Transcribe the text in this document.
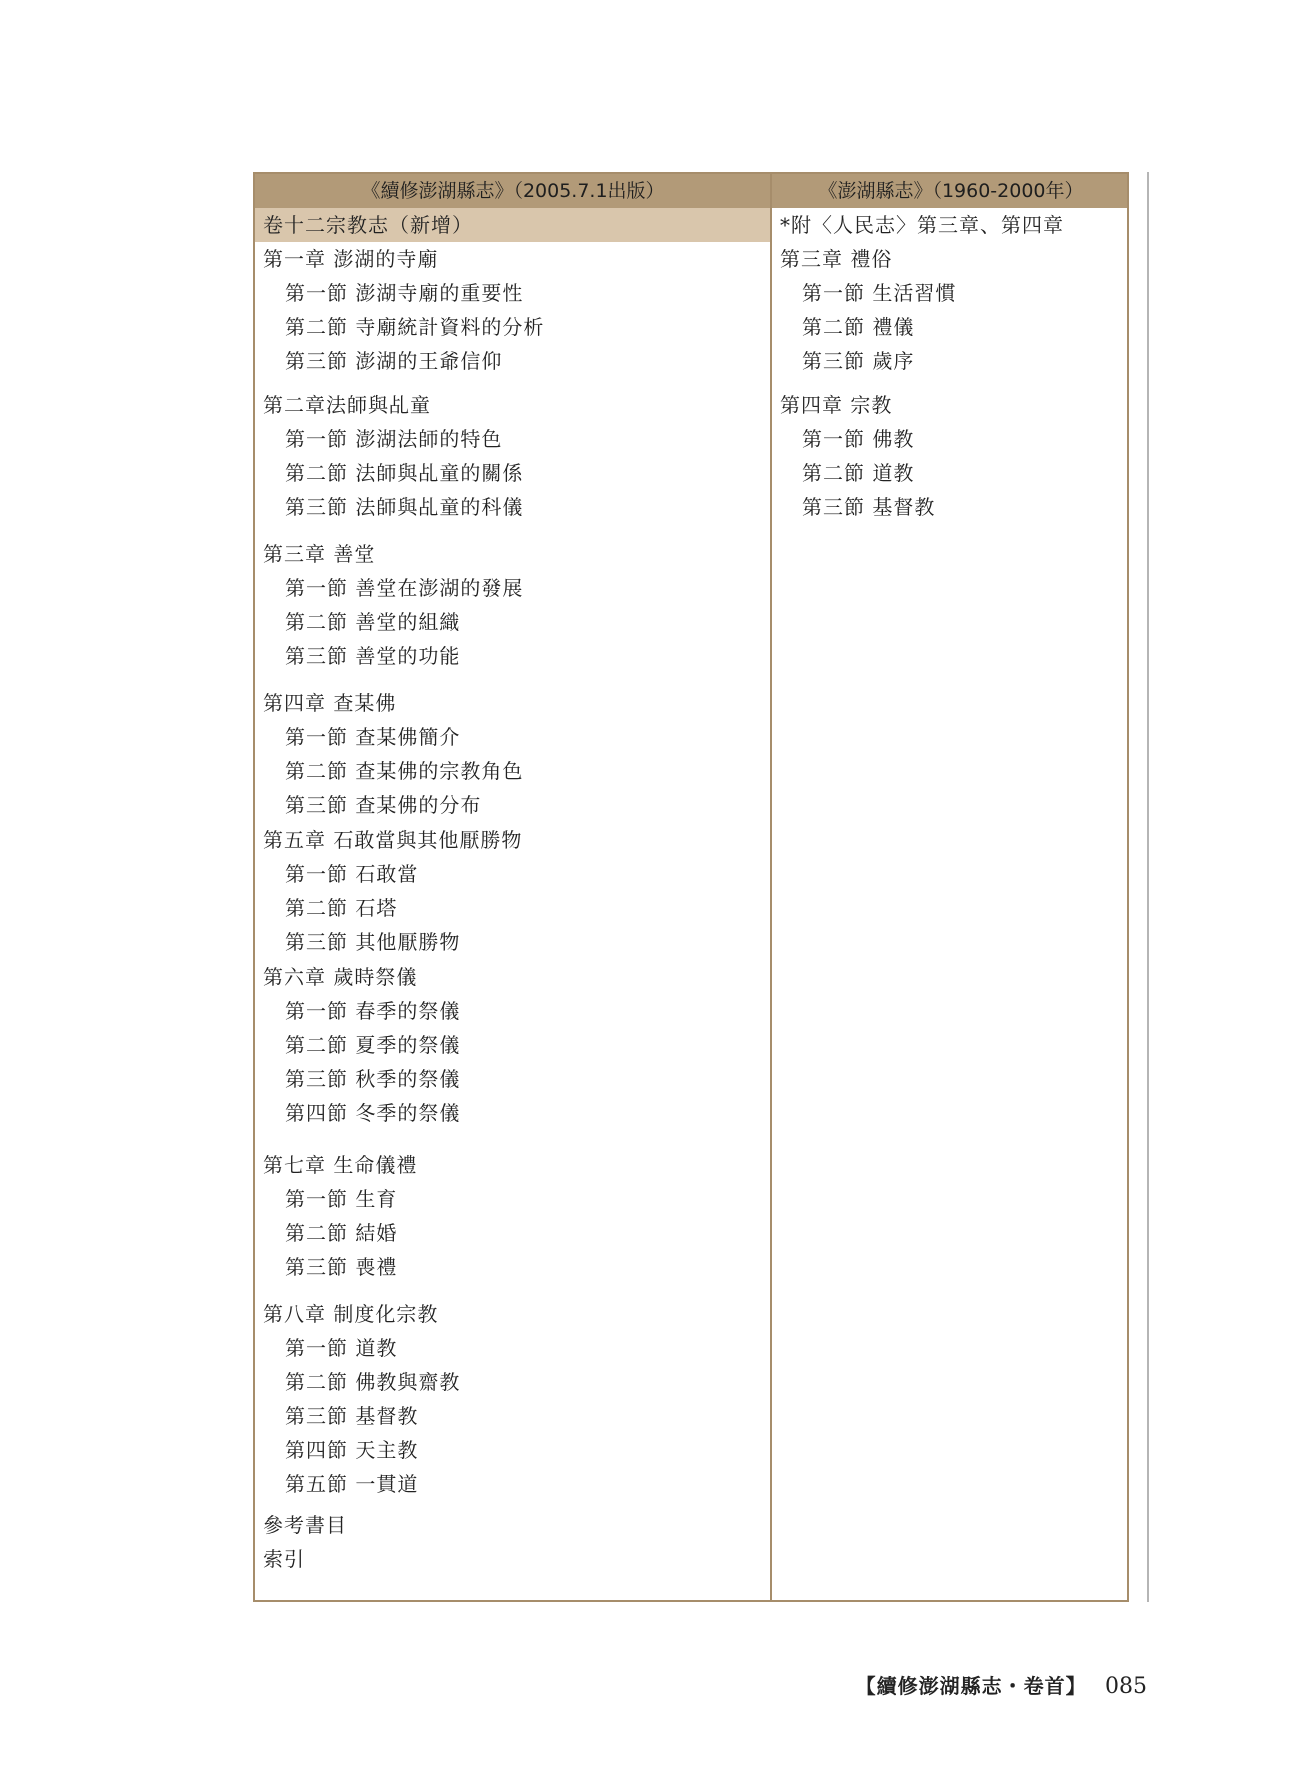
《續修澎湖縣志》（2005.7.1出版）	《澎湖縣志》（1960-2000年）
卷十二宗教志（新增）
第一章 澎湖的寺廟
第一節 澎湖寺廟的重要性
第二節 寺廟統計資料的分析
第三節 澎湖的王爺信仰
第二章法師與乩童
第一節 澎湖法師的特色
第二節 法師與乩童的關係
第三節 法師與乩童的科儀
第三章 善堂
第一節 善堂在澎湖的發展
第二節 善堂的組織
第三節 善堂的功能
第四章 查某佛
第一節 查某佛簡介
第二節 查某佛的宗教角色
第三節 查某佛的分布
第五章 石敢當與其他厭勝物
第一節 石敢當
第二節 石塔
第三節 其他厭勝物
第六章 歲時祭儀
第一節 春季的祭儀
第二節 夏季的祭儀
第三節 秋季的祭儀
第四節 冬季的祭儀
第七章 生命儀禮
第一節 生育
第二節 結婚
第三節 喪禮
第八章 制度化宗教
第一節 道教
第二節 佛教與齋教
第三節 基督教
第四節 天主教
第五節 一貫道
參考書目
索引
*附〈人民志〉第三章、第四章
第三章 禮俗
第一節 生活習慣
第二節 禮儀
第三節 歲序
第四章 宗教
第一節 佛教
第二節 道教
第三節 基督教
【續修澎湖縣志・卷首】 085
